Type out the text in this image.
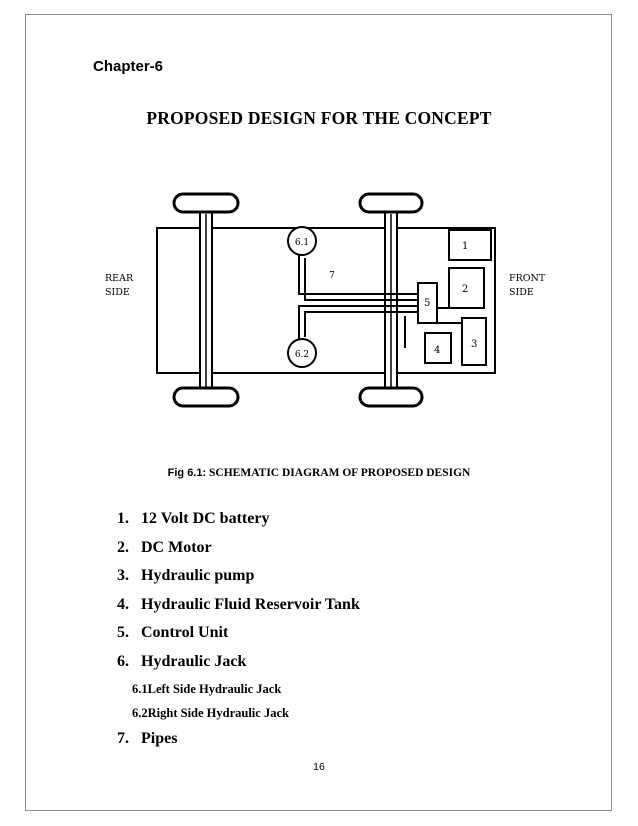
Chapter-6
PROPOSED DESIGN FOR THE CONCEPT
REAR
SIDE
FRONT
SIDE
6.1
6.2
7
1
2
3
4
5
Fig 6.1: SCHEMATIC DIAGRAM OF PROPOSED DESIGN
1. 12 Volt DC battery
2. DC Motor
3. Hydraulic pump
4. Hydraulic Fluid Reservoir Tank
5. Control Unit
6. Hydraulic Jack
6.1Left Side Hydraulic Jack
6.2Right Side Hydraulic Jack
7. Pipes
16
